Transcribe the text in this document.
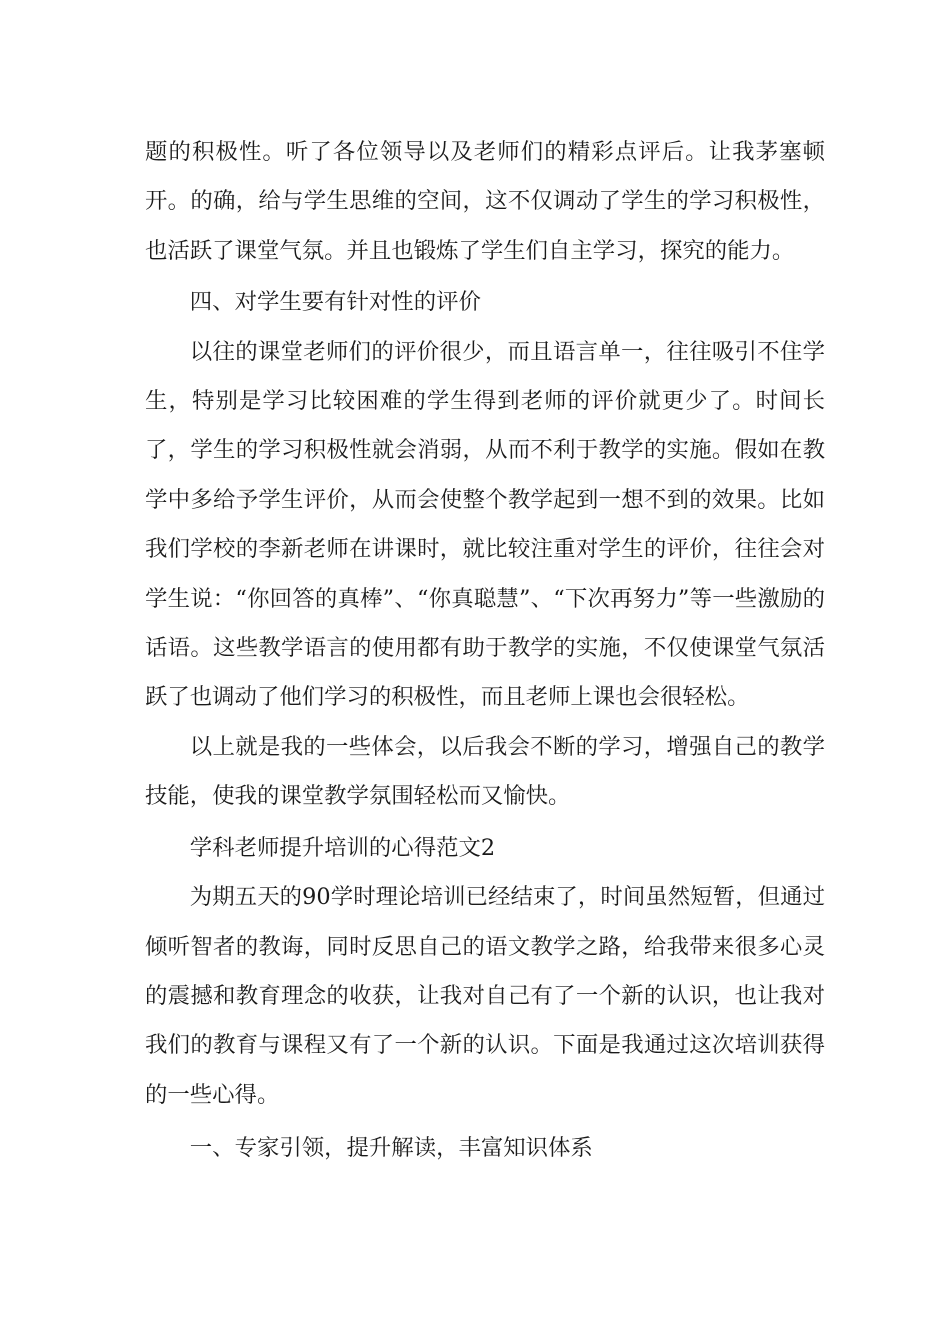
题的积极性。听了各位领导以及老师们的精彩点评后。让我茅塞顿开。的确，给与学生思维的空间，这不仅调动了学生的学习积极性，也活跃了课堂气氛。并且也锻炼了学生们自主学习，探究的能力。

四、对学生要有针对性的评价

以往的课堂老师们的评价很少，而且语言单一，往往吸引不住学生，特别是学习比较困难的学生得到老师的评价就更少了。时间长了，学生的学习积极性就会消弱，从而不利于教学的实施。假如在教学中多给予学生评价，从而会使整个教学起到一想不到的效果。比如我们学校的李新老师在讲课时，就比较注重对学生的评价，往往会对学生说：“你回答的真棒”、“你真聪慧”、“下次再努力”等一些激励的话语。这些教学语言的使用都有助于教学的实施，不仅使课堂气氛活跃了也调动了他们学习的积极性，而且老师上课也会很轻松。

以上就是我的一些体会，以后我会不断的学习，增强自己的教学技能，使我的课堂教学氛围轻松而又愉快。

学科老师提升培训的心得范文2

为期五天的90学时理论培训已经结束了，时间虽然短暂，但通过倾听智者的教诲，同时反思自己的语文教学之路，给我带来很多心灵的震撼和教育理念的收获，让我对自己有了一个新的认识，也让我对我们的教育与课程又有了一个新的认识。下面是我通过这次培训获得的一些心得。

一、专家引领，提升解读，丰富知识体系
